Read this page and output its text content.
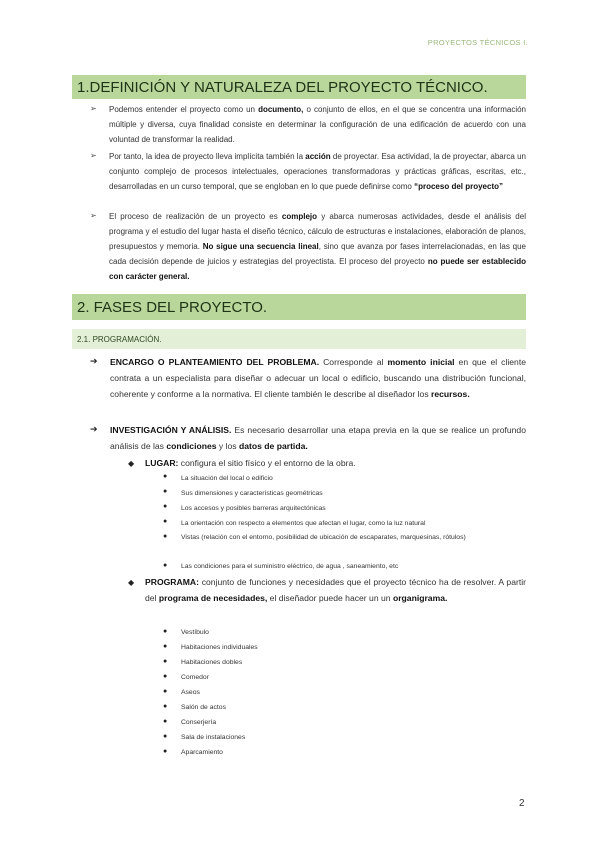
PROYECTOS TÉCNICOS I.
1.DEFINICIÓN Y NATURALEZA DEL PROYECTO TÉCNICO.
➢ Podemos entender el proyecto como un documento, o conjunto de ellos, en el que se concentra una información múltiple y diversa, cuya finalidad consiste en determinar la configuración de una edificación de acuerdo con una voluntad de transformar la realidad.
➢ Por tanto, la idea de proyecto lleva implícita también la acción de proyectar. Esa actividad, la de proyectar, abarca un conjunto complejo de procesos intelectuales, operaciones transformadoras y prácticas gráficas, escritas, etc., desarrolladas en un curso temporal, que se engloban en lo que puede definirse como “proceso del proyecto”
➢ El proceso de realización de un proyecto es complejo y abarca numerosas actividades, desde el análisis del programa y el estudio del lugar hasta el diseño técnico, cálculo de estructuras e instalaciones, elaboración de planos, presupuestos y memoria. No sigue una secuencia lineal, sino que avanza por fases interrelacionadas, en las que cada decisión depende de juicios y estrategias del proyectista. El proceso del proyecto no puede ser establecido con carácter general.
2. FASES DEL PROYECTO.
2.1. PROGRAMACIÓN.
➔ ENCARGO O PLANTEAMIENTO DEL PROBLEMA. Corresponde al momento inicial en que el cliente contrata a un especialista para diseñar o adecuar un local o edificio, buscando una distribución funcional, coherente y conforme a la normativa. El cliente también le describe al diseñador los recursos.
➔ INVESTIGACIÓN Y ANÁLISIS. Es necesario desarrollar una etapa previa en la que se realice un profundo análisis de las condiciones y los datos de partida.
◆ LUGAR: configura el sitio físico y el entorno de la obra.
● La situación del local o edificio
● Sus dimensiones y características geométricas
● Los accesos y posibles barreras arquitectónicas
● La orientación con respecto a elementos que afectan el lugar, como la luz natural
● Vistas (relación con el entorno, posibilidad de ubicación de escaparates, marquesinas, rótulos)
● Las condiciones para el suministro eléctrico, de agua , saneamiento, etc
◆ PROGRAMA: conjunto de funciones y necesidades que el proyecto técnico ha de resolver. A partir del programa de necesidades, el diseñador puede hacer un un organigrama.
● Vestíbulo
● Habitaciones individuales
● Habitaciones dobles
● Comedor
● Aseos
● Salón de actos
● Conserjería
● Sala de instalaciones
● Aparcamiento
2
